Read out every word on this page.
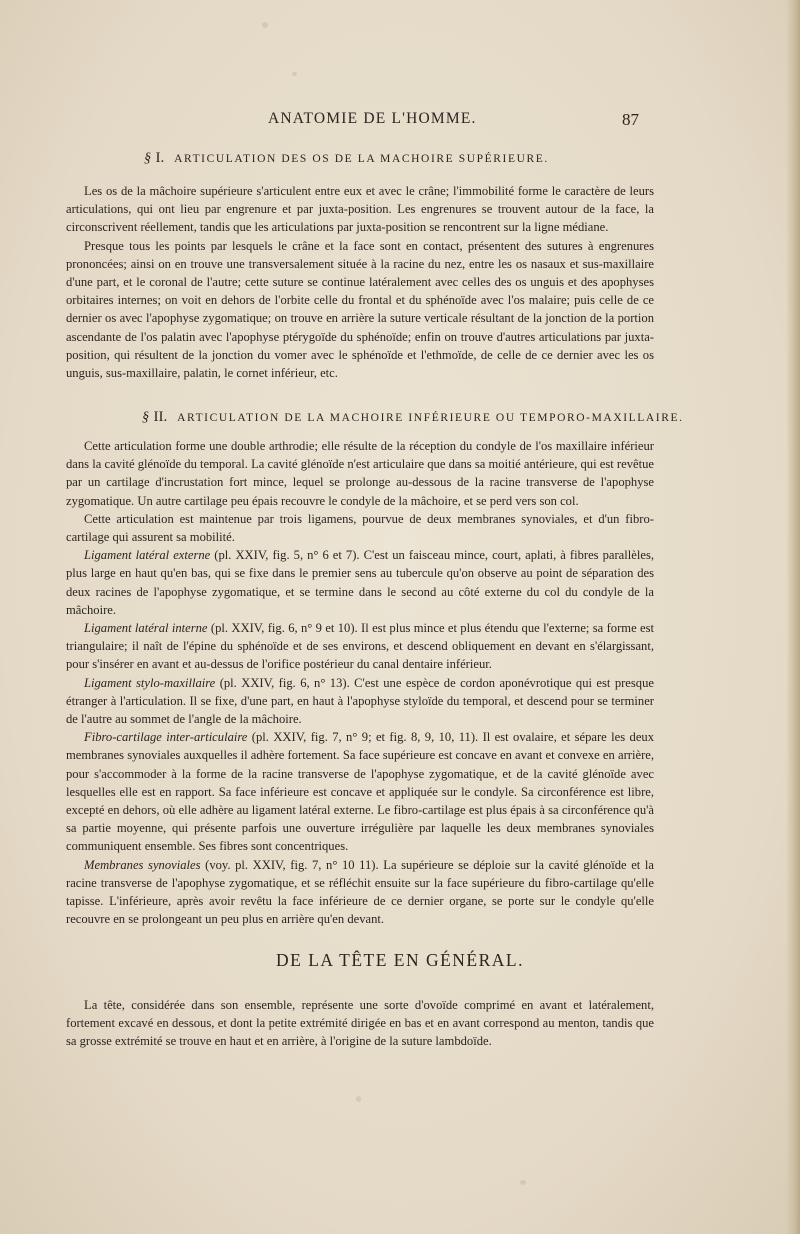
ANATOMIE DE L'HOMME.	87
§ I. ARTICULATION DES OS DE LA MACHOIRE SUPÉRIEURE.

Les os de la mâchoire supérieure s'articulent entre eux et avec le crâne; l'immobilité forme le caractère de leurs articulations, qui ont lieu par engrenure et par juxta-position. Les engrenures se trouvent autour de la face, la circonscrivent réellement, tandis que les articulations par juxta-position se rencontrent sur la ligne médiane.

Presque tous les points par lesquels le crâne et la face sont en contact, présentent des sutures à engrenures prononcées; ainsi on en trouve une transversalement située à la racine du nez, entre les os nasaux et sus-maxillaire d'une part, et le coronal de l'autre; cette suture se continue latéralement avec celles des os unguis et des apophyses orbitaires internes; on voit en dehors de l'orbite celle du frontal et du sphénoïde avec l'os malaire; puis celle de ce dernier os avec l'apophyse zygomatique; on trouve en arrière la suture verticale résultant de la jonction de la portion ascendante de l'os palatin avec l'apophyse ptérygoïde du sphénoïde; enfin on trouve d'autres articulations par juxta-position, qui résultent de la jonction du vomer avec le sphénoïde et l'ethmoïde, de celle de ce dernier avec les os unguis, sus-maxillaire, palatin, le cornet inférieur, etc.

§ II. ARTICULATION DE LA MACHOIRE INFÉRIEURE OU TEMPORO-MAXILLAIRE.

Cette articulation forme une double arthrodie; elle résulte de la réception du condyle de l'os maxillaire inférieur dans la cavité glénoïde du temporal. La cavité glénoïde n'est articulaire que dans sa moitié antérieure, qui est revêtue par un cartilage d'incrustation fort mince, lequel se prolonge au-dessous de la racine transverse de l'apophyse zygomatique. Un autre cartilage peu épais recouvre le condyle de la mâchoire, et se perd vers son col.

Cette articulation est maintenue par trois ligamens, pourvue de deux membranes synoviales, et d'un fibro-cartilage qui assurent sa mobilité.

Ligament latéral externe (pl. XXIV, fig. 5, n° 6 et 7). C'est un faisceau mince, court, aplati, à fibres parallèles, plus large en haut qu'en bas, qui se fixe dans le premier sens au tubercule qu'on observe au point de séparation des deux racines de l'apophyse zygomatique, et se termine dans le second au côté externe du col du condyle de la mâchoire.

Ligament latéral interne (pl. XXIV, fig. 6, n° 9 et 10). Il est plus mince et plus étendu que l'externe; sa forme est triangulaire; il naît de l'épine du sphénoïde et de ses environs, et descend obliquement en devant en s'élargissant, pour s'insérer en avant et au-dessus de l'orifice postérieur du canal dentaire inférieur.

Ligament stylo-maxillaire (pl. XXIV, fig. 6, n° 13). C'est une espèce de cordon aponévrotique qui est presque étranger à l'articulation. Il se fixe, d'une part, en haut à l'apophyse styloïde du temporal, et descend pour se terminer de l'autre au sommet de l'angle de la mâchoire.

Fibro-cartilage inter-articulaire (pl. XXIV, fig. 7, n° 9; et fig. 8, 9, 10, 11). Il est ovalaire, et sépare les deux membranes synoviales auxquelles il adhère fortement. Sa face supérieure est concave en avant et convexe en arrière, pour s'accommoder à la forme de la racine transverse de l'apophyse zygomatique, et de la cavité glénoïde avec lesquelles elle est en rapport. Sa face inférieure est concave et appliquée sur le condyle. Sa circonférence est libre, excepté en dehors, où elle adhère au ligament latéral externe. Le fibro-cartilage est plus épais à sa circonférence qu'à sa partie moyenne, qui présente parfois une ouverture irrégulière par laquelle les deux membranes synoviales communiquent ensemble. Ses fibres sont concentriques.

Membranes synoviales (voy. pl. XXIV, fig. 7, n° 10 11). La supérieure se déploie sur la cavité glénoïde et la racine transverse de l'apophyse zygomatique, et se réfléchit ensuite sur la face supérieure du fibro-cartilage qu'elle tapisse. L'inférieure, après avoir revêtu la face inférieure de ce dernier organe, se porte sur le condyle qu'elle recouvre en se prolongeant un peu plus en arrière qu'en devant.

DE LA TÊTE EN GÉNÉRAL.

La tête, considérée dans son ensemble, représente une sorte d'ovoïde comprimé en avant et latéralement, fortement excavé en dessous, et dont la petite extrémité dirigée en bas et en avant correspond au menton, tandis que sa grosse extrémité se trouve en haut et en arrière, à l'origine de la suture lambdoïde.
